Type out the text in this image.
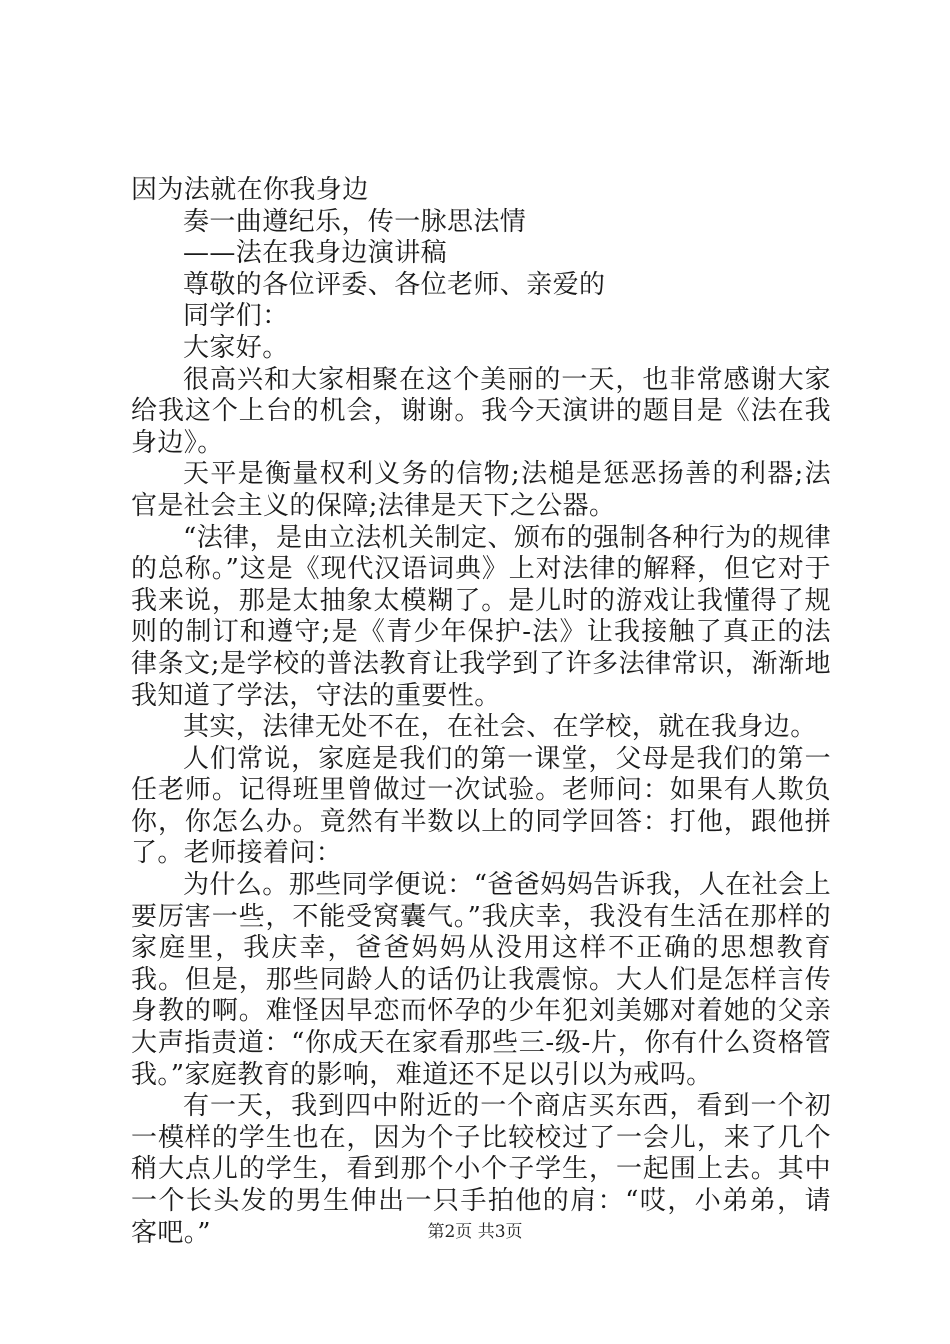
因为法就在你我身边

奏一曲遵纪乐，传一脉思法情

——法在我身边演讲稿

尊敬的各位评委、各位老师、亲爱的

同学们：

大家好。

很高兴和大家相聚在这个美丽的一天，也非常感谢大家给我这个上台的机会，谢谢。我今天演讲的题目是《法在我身边》。

天平是衡量权利义务的信物;法槌是惩恶扬善的利器;法官是社会主义的保障;法律是天下之公器。

“法律，是由立法机关制定、颁布的强制各种行为的规律的总称。”这是《现代汉语词典》上对法律的解释，但它对于我来说，那是太抽象太模糊了。是儿时的游戏让我懂得了规则的制订和遵守;是《青少年保护-法》让我接触了真正的法律条文;是学校的普法教育让我学到了许多法律常识，渐渐地我知道了学法，守法的重要性。

其实，法律无处不在，在社会、在学校，就在我身边。

人们常说，家庭是我们的第一课堂，父母是我们的第一任老师。记得班里曾做过一次试验。老师问：如果有人欺负你，你怎么办。竟然有半数以上的同学回答：打他，跟他拼了。老师接着问：

为什么。那些同学便说：“爸爸妈妈告诉我，人在社会上要厉害一些，不能受窝囊气。”我庆幸，我没有生活在那样的家庭里，我庆幸，爸爸妈妈从没用这样不正确的思想教育我。但是，那些同龄人的话仍让我震惊。大人们是怎样言传身教的啊。难怪因早恋而怀孕的少年犯刘美娜对着她的父亲大声指责道：“你成天在家看那些三-级-片，你有什么资格管我。”家庭教育的影响，难道还不足以引以为戒吗。

有一天，我到四中附近的一个商店买东西，看到一个初一模样的学生也在，因为个子比较校过了一会儿，来了几个稍大点儿的学生，看到那个小个子学生，一起围上去。其中一个长头发的男生伸出一只手拍他的肩：“哎，小弟弟，请客吧。”	第2页 共3页
